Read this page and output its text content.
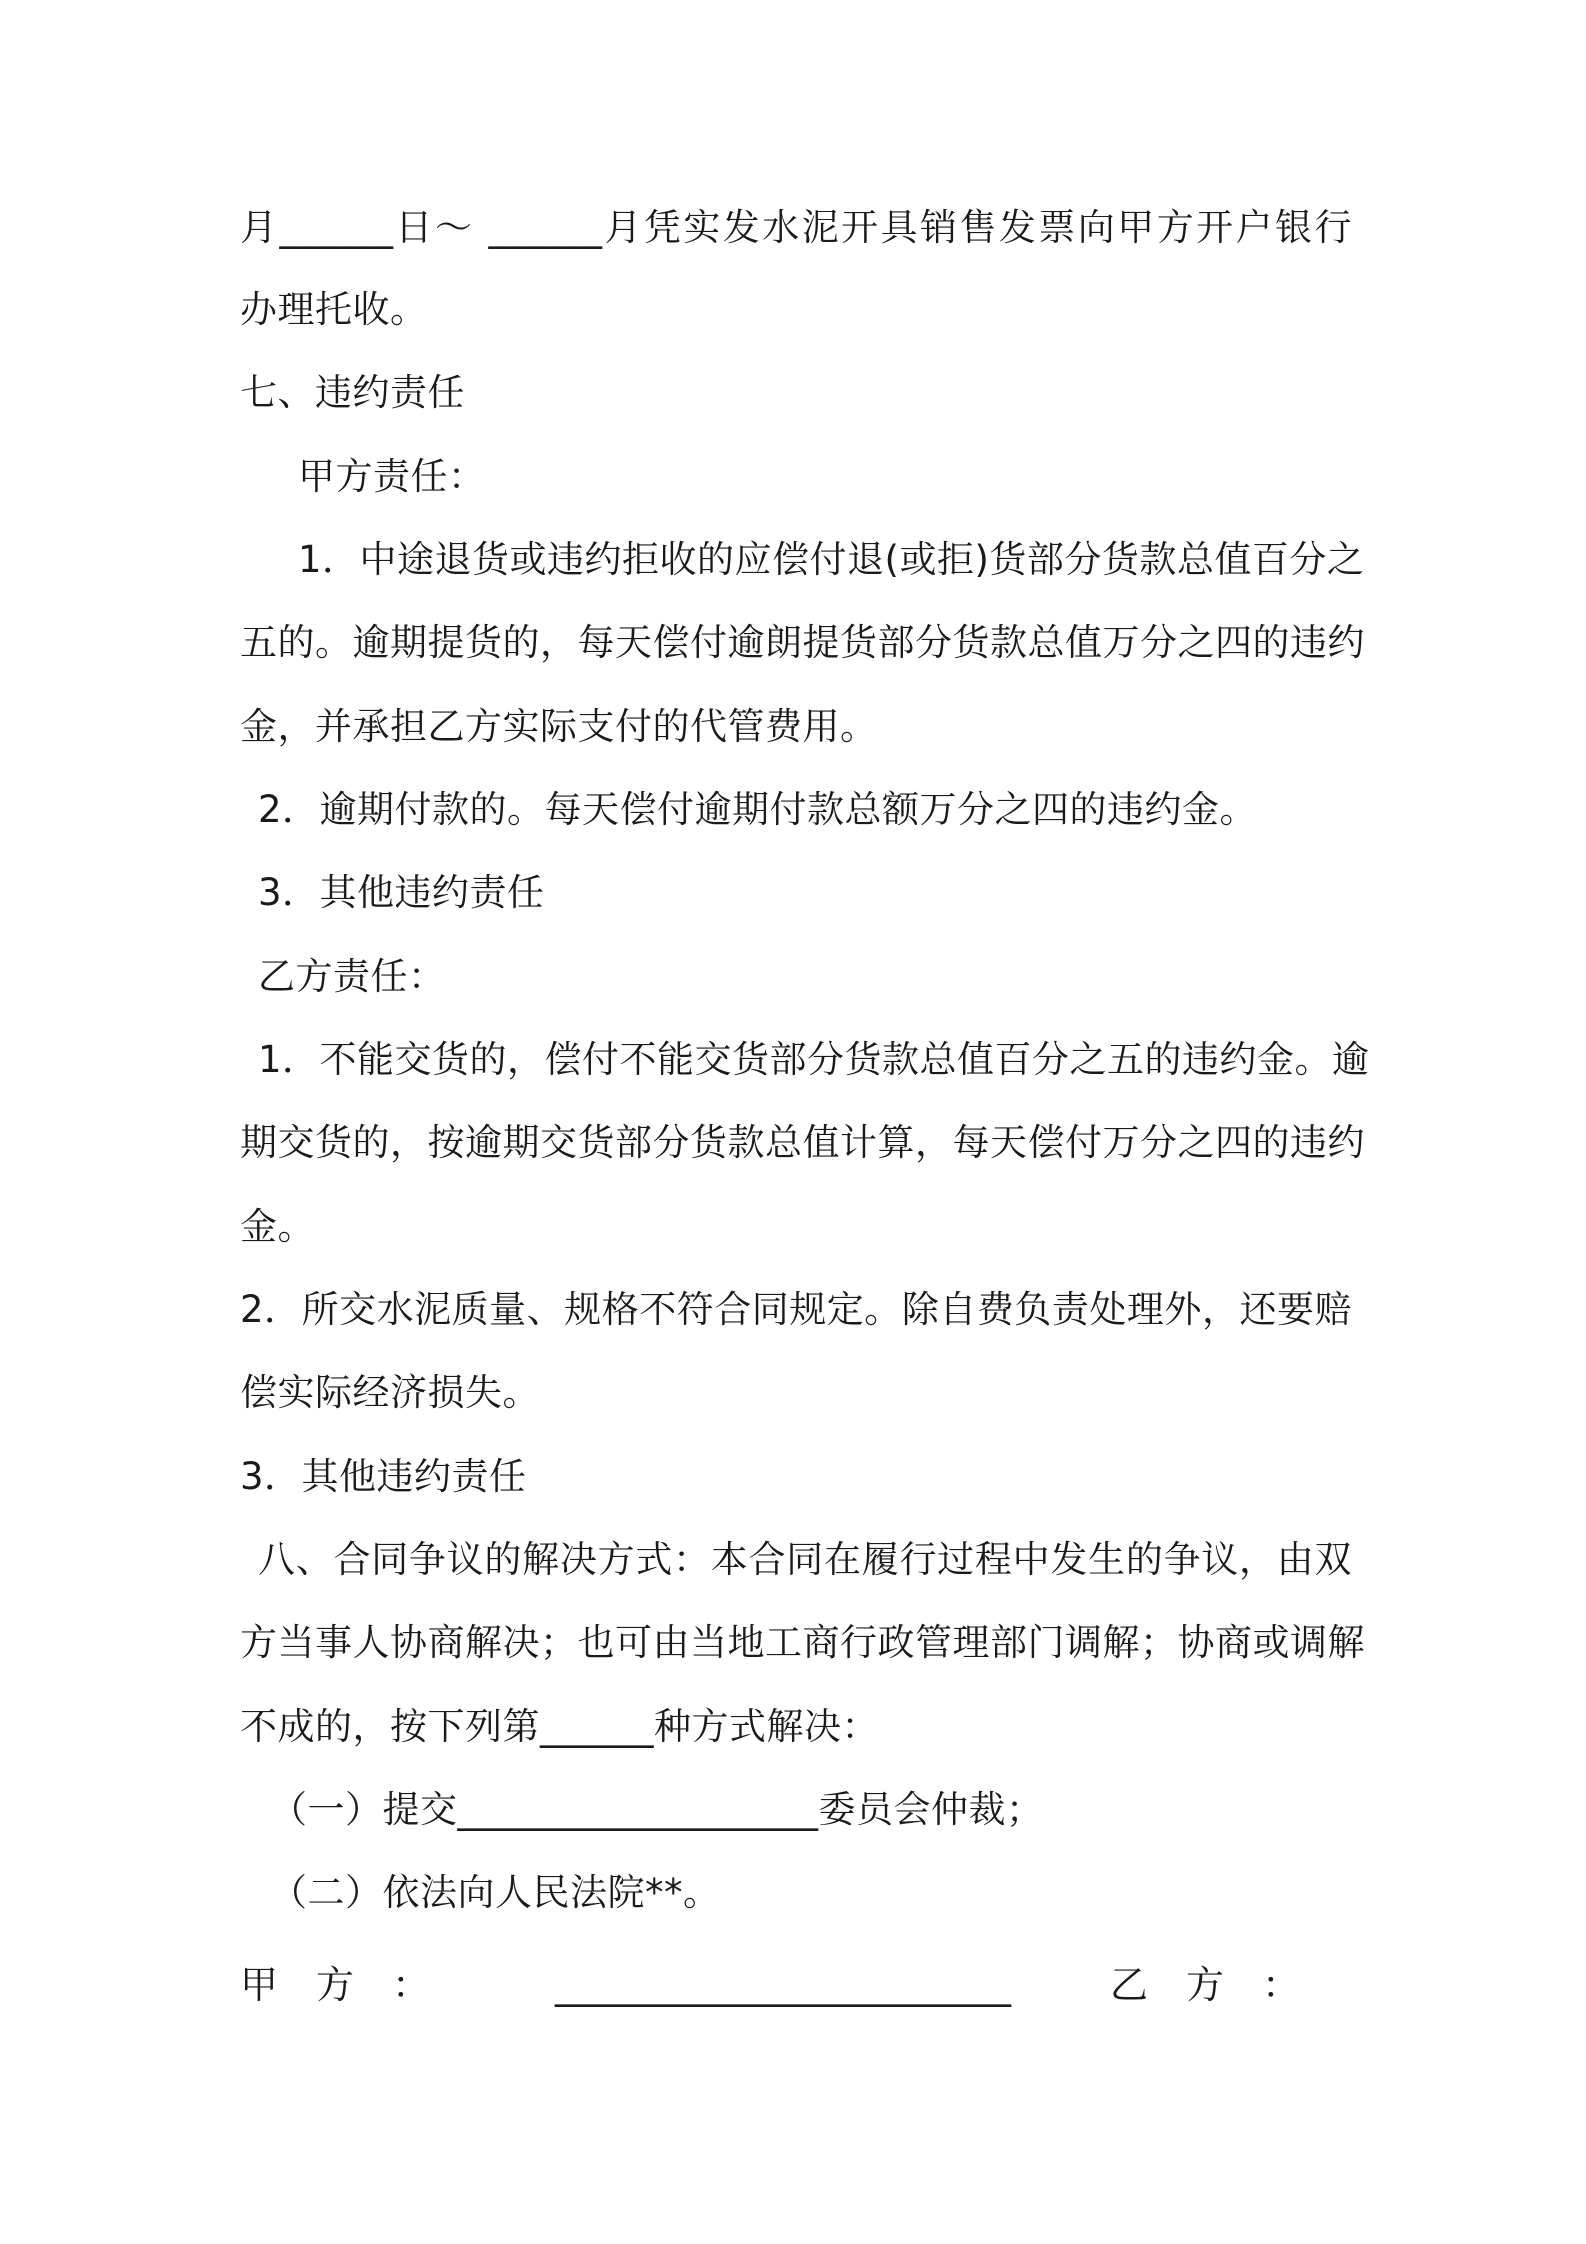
月______日～ ______月凭实发水泥开具销售发票向甲方开户银行
办理托收。
七、违约责任
甲方责任：
1．中途退货或违约拒收的应偿付退(或拒)货部分货款总值百分之
五的。逾期提货的，每天偿付逾朗提货部分货款总值万分之四的违约
金，并承担乙方实际支付的代管费用。
2．逾期付款的。每天偿付逾期付款总额万分之四的违约金。
3．其他违约责任
乙方责任：
1．不能交货的，偿付不能交货部分货款总值百分之五的违约金。逾
期交货的，按逾期交货部分货款总值计算，每天偿付万分之四的违约
金。
2．所交水泥质量、规格不符合同规定。除自费负责处理外，还要赔
偿实际经济损失。
3．其他违约责任
八、合同争议的解决方式：本合同在履行过程中发生的争议，由双
方当事人协商解决；也可由当地工商行政管理部门调解；协商或调解
不成的，按下列第______种方式解决：
（一）提交___________________委员会仲裁；
（二）依法向人民法院**。
甲　方　：	________________________	乙　方　：
